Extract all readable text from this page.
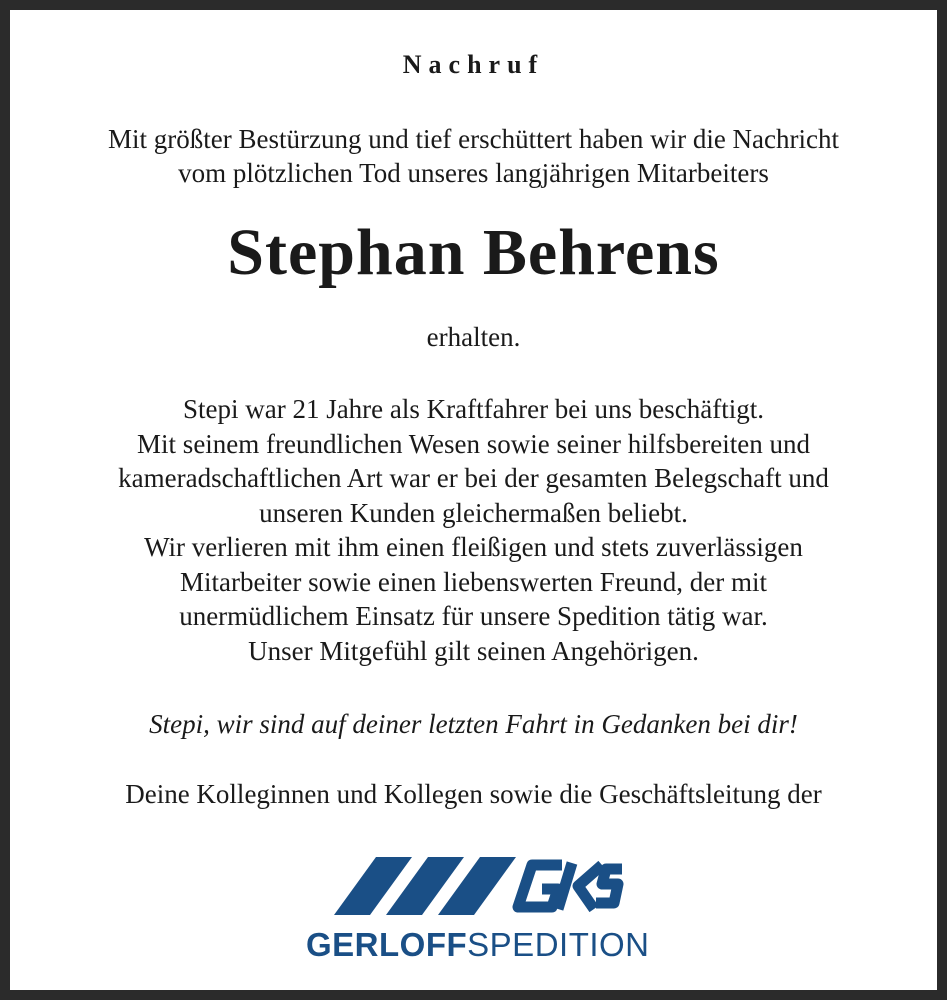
Nachruf
Mit größter Bestürzung und tief erschüttert haben wir die Nachricht
vom plötzlichen Tod unseres langjährigen Mitarbeiters
Stephan Behrens
erhalten.
Stepi war 21 Jahre als Kraftfahrer bei uns beschäftigt.
Mit seinem freundlichen Wesen sowie seiner hilfsbereiten und
kameradschaftlichen Art war er bei der gesamten Belegschaft und
unseren Kunden gleichermaßen beliebt.
Wir verlieren mit ihm einen fleißigen und stets zuverlässigen
Mitarbeiter sowie einen liebenswerten Freund, der mit
unermüdlichem Einsatz für unsere Spedition tätig war.
Unser Mitgefühl gilt seinen Angehörigen.
Stepi, wir sind auf deiner letzten Fahrt in Gedanken bei dir!
Deine Kolleginnen und Kollegen sowie die Geschäftsleitung der
GERLOFFSPEDITION
